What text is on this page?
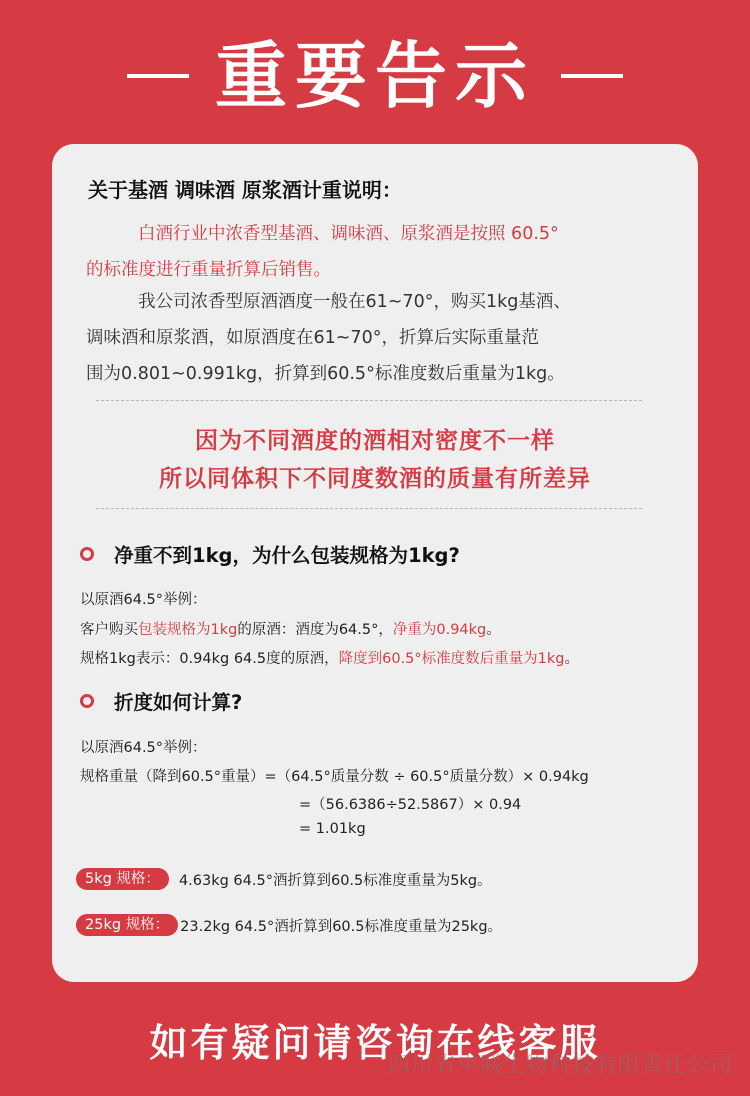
重要告示
关于基酒 调味酒 原浆酒计重说明：
白酒行业中浓香型基酒、调味酒、原浆酒是按照 60.5°
的标准度进行重量折算后销售。
我公司浓香型原酒酒度一般在61~70°，购买1kg基酒、
调味酒和原浆酒，如原酒度在61~70°，折算后实际重量范
围为0.801~0.991kg，折算到60.5°标准度数后重量为1kg。
因为不同酒度的酒相对密度不一样
所以同体积下不同度数酒的质量有所差异
净重不到1kg，为什么包装规格为1kg?
以原酒64.5°举例：
客户购买包装规格为1kg的原酒：酒度为64.5°，净重为0.94kg。
规格1kg表示：0.94kg 64.5度的原酒，降度到60.5°标准度数后重量为1kg。
折度如何计算?
以原酒64.5°举例：
规格重量（降到60.5°重量）=（64.5°质量分数 ÷ 60.5°质量分数）× 0.94kg
=（56.6386÷52.5867）× 0.94
= 1.01kg
5kg 规格：	4.63kg 64.5°酒折算到60.5标准度重量为5kg。
25kg 规格： 23.2kg 64.5°酒折算到60.5标准度重量为25kg。
如有疑问请咨询在线客服
四川省申联生物科技有限责任公司
